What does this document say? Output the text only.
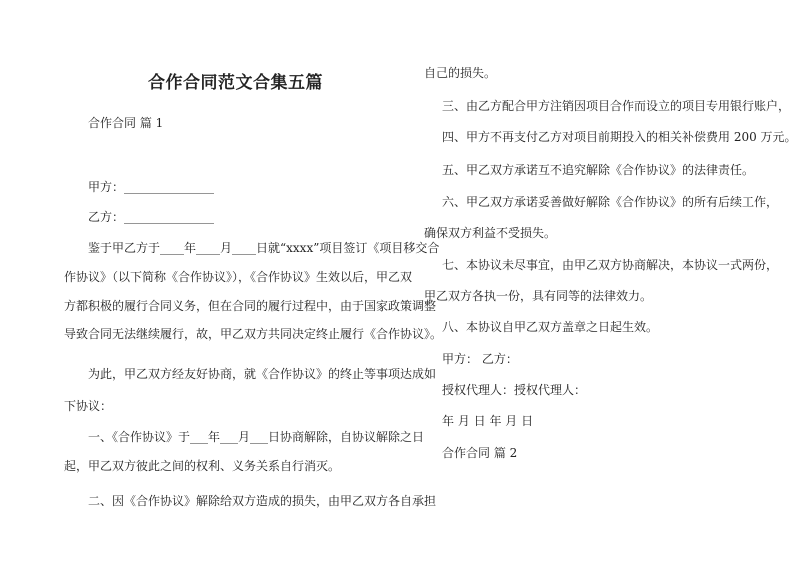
合作合同范文合集五篇
合作合同 篇 1
甲方：_______________
乙方：_______________
鉴于甲乙方于____年____月____日就“xxxx”项目签订《项目移交合
作协议》（以下简称《合作协议》），《合作协议》生效以后，甲乙双
方都积极的履行合同义务，但在合同的履行过程中，由于国家政策调整
导致合同无法继续履行，故，甲乙双方共同决定终止履行《合作协议》。
为此，甲乙双方经友好协商，就《合作协议》的终止等事项达成如
下协议：
一、《合作协议》于___年___月___日协商解除，自协议解除之日
起，甲乙双方彼此之间的权利、义务关系自行消灭。
二、因《合作协议》解除给双方造成的损失，由甲乙双方各自承担
自己的损失。
三、由乙方配合甲方注销因项目合作而设立的项目专用银行账户，
四、甲方不再支付乙方对项目前期投入的相关补偿费用 200 万元。
五、甲乙双方承诺互不追究解除《合作协议》的法律责任。
六、甲乙双方承诺妥善做好解除《合作协议》的所有后续工作，
确保双方利益不受损失。
七、本协议未尽事宜，由甲乙双方协商解决，本协议一式两份，
甲乙双方各执一份，具有同等的法律效力。
八、本协议自甲乙双方盖章之日起生效。
甲方： 乙方：
授权代理人：授权代理人：
年 月 日 年 月 日
合作合同 篇 2
